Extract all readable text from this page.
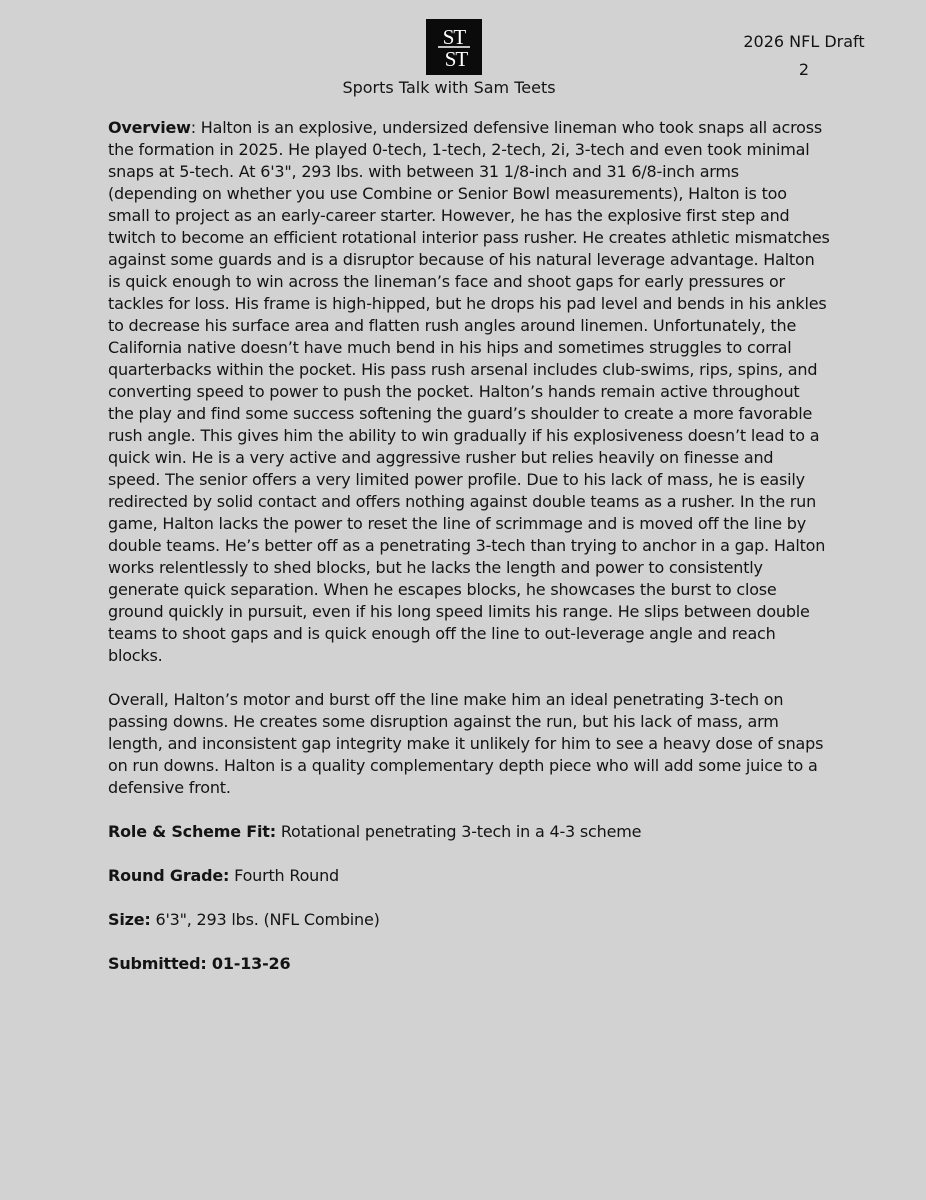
ST
ST
Sports Talk with Sam Teets
2026 NFL Draft
2

Overview: Halton is an explosive, undersized defensive lineman who took snaps all across the formation in 2025. He played 0-tech, 1-tech, 2-tech, 2i, 3-tech and even took minimal snaps at 5-tech. At 6'3", 293 lbs. with between 31 1/8-inch and 31 6/8-inch arms (depending on whether you use Combine or Senior Bowl measurements), Halton is too small to project as an early-career starter. However, he has the explosive first step and twitch to become an efficient rotational interior pass rusher. He creates athletic mismatches against some guards and is a disruptor because of his natural leverage advantage. Halton is quick enough to win across the lineman’s face and shoot gaps for early pressures or tackles for loss. His frame is high-hipped, but he drops his pad level and bends in his ankles to decrease his surface area and flatten rush angles around linemen. Unfortunately, the California native doesn’t have much bend in his hips and sometimes struggles to corral quarterbacks within the pocket. His pass rush arsenal includes club-swims, rips, spins, and converting speed to power to push the pocket. Halton’s hands remain active throughout the play and find some success softening the guard’s shoulder to create a more favorable rush angle. This gives him the ability to win gradually if his explosiveness doesn’t lead to a quick win. He is a very active and aggressive rusher but relies heavily on finesse and speed. The senior offers a very limited power profile. Due to his lack of mass, he is easily redirected by solid contact and offers nothing against double teams as a rusher. In the run game, Halton lacks the power to reset the line of scrimmage and is moved off the line by double teams. He’s better off as a penetrating 3-tech than trying to anchor in a gap. Halton works relentlessly to shed blocks, but he lacks the length and power to consistently generate quick separation. When he escapes blocks, he showcases the burst to close ground quickly in pursuit, even if his long speed limits his range. He slips between double teams to shoot gaps and is quick enough off the line to out-leverage angle and reach blocks.

Overall, Halton’s motor and burst off the line make him an ideal penetrating 3-tech on passing downs. He creates some disruption against the run, but his lack of mass, arm length, and inconsistent gap integrity make it unlikely for him to see a heavy dose of snaps on run downs. Halton is a quality complementary depth piece who will add some juice to a defensive front.

Role & Scheme Fit: Rotational penetrating 3-tech in a 4-3 scheme

Round Grade: Fourth Round

Size: 6'3", 293 lbs. (NFL Combine)

Submitted: 01-13-26
